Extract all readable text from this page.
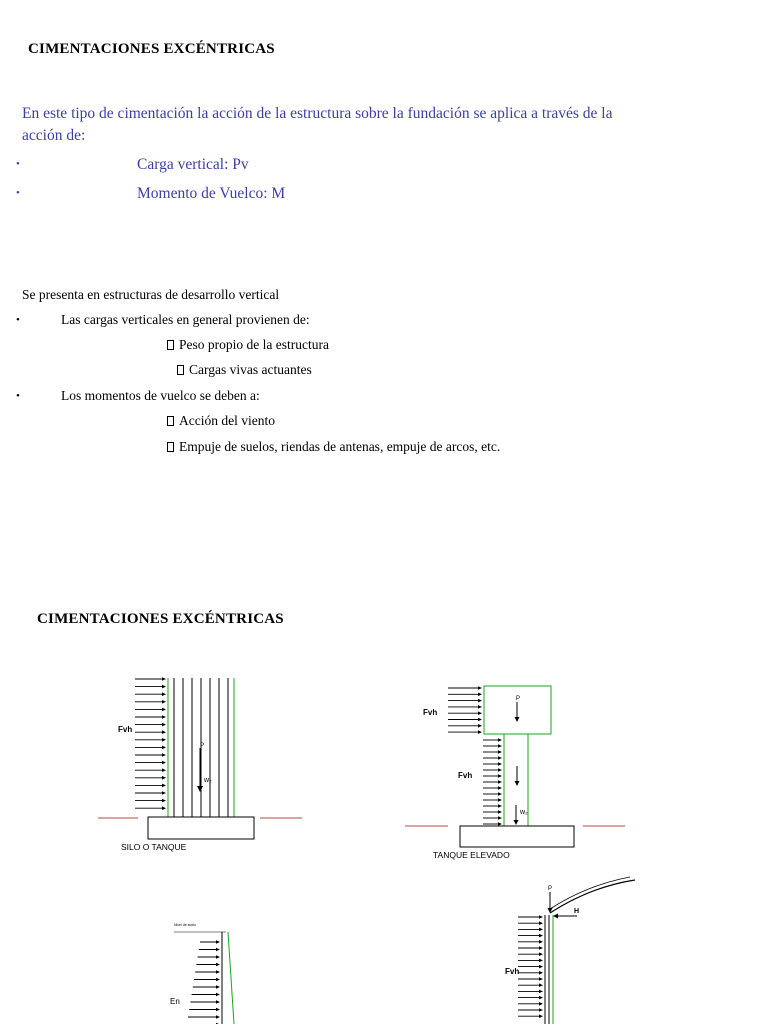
CIMENTACIONES EXCÉNTRICAS
En este tipo de cimentación la acción de la estructura sobre la fundación se aplica a través de la
acción de:
•	Carga vertical: Pv
•	Momento de Vuelco: M
Se presenta en estructuras de desarrollo vertical
•	Las cargas verticales en general provienen de:
Peso propio de la estructura
Cargas vivas actuantes
•	Los momentos de vuelco se deben a:
Acción del viento
Empuje de suelos, riendas de antenas, empuje de arcos, etc.
CIMENTACIONES EXCÉNTRICAS
P
w₂
Fvh
SILO O TANQUE
P
w₂
Fvh
Fvh
TANQUE ELEVADO
Nivel de suelo
En
P
H
Fvh
